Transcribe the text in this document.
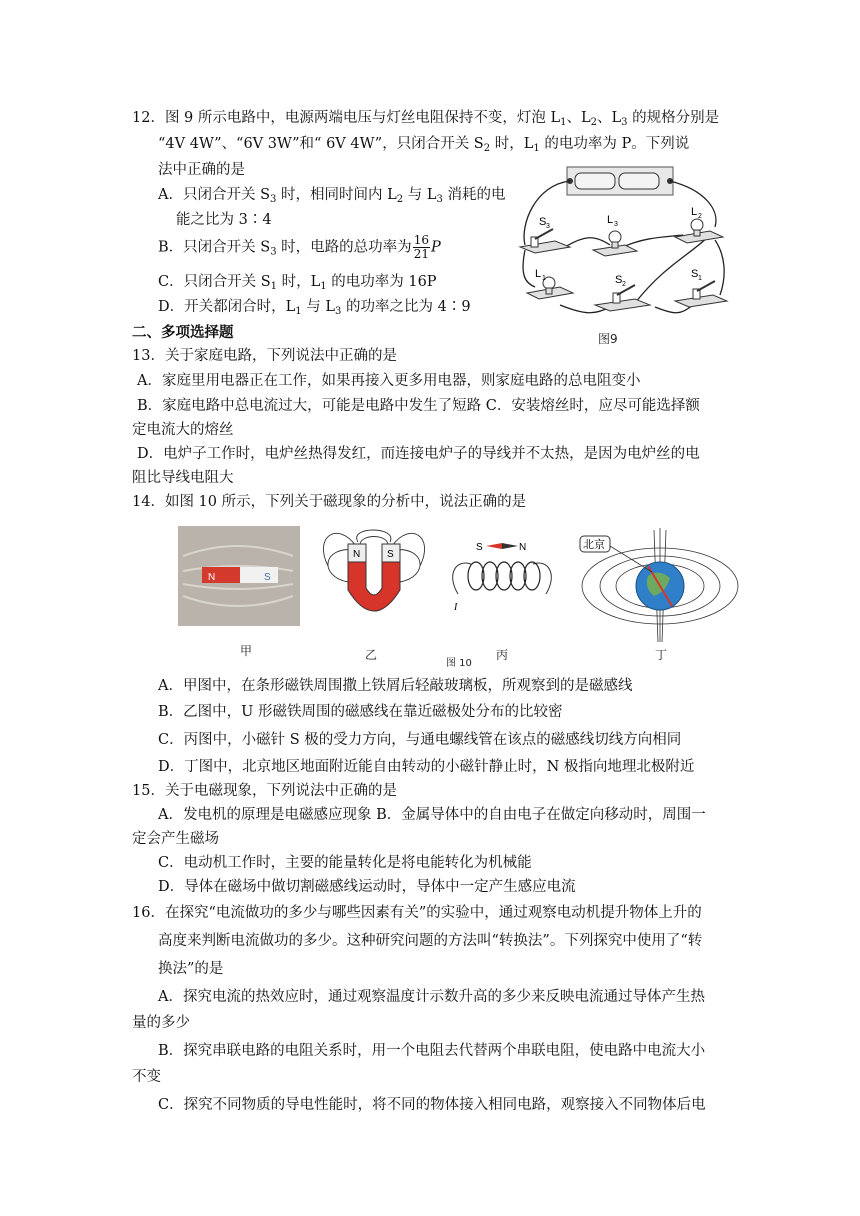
12．图 9 所示电路中，电源两端电压与灯丝电阻保持不变，灯泡 $L_1$、$L_2$、$L_3$ 的规格分别是
“4V 4W”、“6V 3W”和“ 6V 4W”，只闭合开关 $S_2$ 时，$L_1$ 的电功率为 P。下列说
法中正确的是
A．只闭合开关 $S_3$ 时，相同时间内 $L_2$ 与 $L_3$ 消耗的电
能之比为 3∶4
B．只闭合开关 $S_3$ 时，电路的总功率为 $\frac{16}{21}$ P
C．只闭合开关 $S_1$ 时，$L_1$ 的电功率为 16P
D．开关都闭合时，$L_1$ 与 $L_3$ 的功率之比为 4∶9
S 3
L 3
L 2
L 1	S 2
S 1
图9
二、多项选择题
13．关于家庭电路，下列说法中正确的是
A．家庭里用电器正在工作，如果再接入更多用电器，则家庭电路的总电阻变小
B．家庭电路中总电流过大，可能是电路中发生了短路 C．安装熔丝时，应尽可能选择额
定电流大的熔丝
D．电炉子工作时，电炉丝热得发红，而连接电炉子的导线并不太热，是因为电炉丝的电
阻比导线电阻大
14．如图 10 所示，下列关于磁现象的分析中，说法正确的是
N	S
甲
N	S
乙
S	N
I
丙
图 10
北京
丁
A．甲图中，在条形磁铁周围撒上铁屑后轻敲玻璃板，所观察到的是磁感线
B．乙图中，U 形磁铁周围的磁感线在靠近磁极处分布的比较密
C．丙图中，小磁针 S 极的受力方向，与通电螺线管在该点的磁感线切线方向相同
D．丁图中，北京地区地面附近能自由转动的小磁针静止时，N 极指向地理北极附近
15．关于电磁现象，下列说法中正确的是
A．发电机的原理是电磁感应现象 B．金属导体中的自由电子在做定向移动时，周围一
定会产生磁场
C．电动机工作时，主要的能量转化是将电能转化为机械能
D．导体在磁场中做切割磁感线运动时，导体中一定产生感应电流
16．在探究“电流做功的多少与哪些因素有关”的实验中，通过观察电动机提升物体上升的
高度来判断电流做功的多少。这种研究问题的方法叫“转换法”。下列探究中使用了“转
换法”的是
A．探究电流的热效应时，通过观察温度计示数升高的多少来反映电流通过导体产生热
量的多少
B．探究串联电路的电阻关系时，用一个电阻去代替两个串联电阻，使电路中电流大小
不变
C．探究不同物质的导电性能时，将不同的物体接入相同电路，观察接入不同物体后电
